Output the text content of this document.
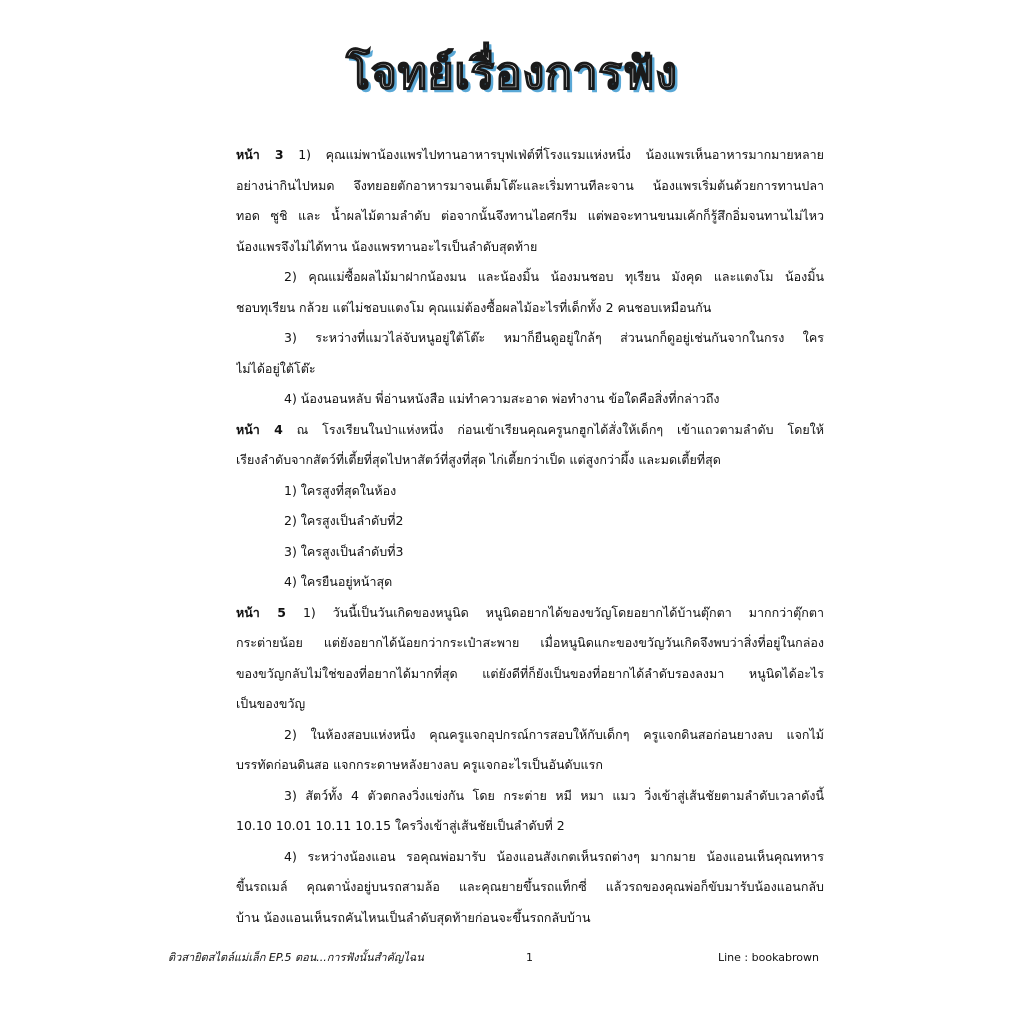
โจทย์เรื่องการฟัง
หน้า 3 1) คุณแม่พาน้องแพรไปทานอาหารบุฟเฟ่ต์ที่โรงแรมแห่งหนึ่ง น้องแพรเห็นอาหารมากมายหลาย
อย่างน่ากินไปหมด จึงทยอยตักอาหารมาจนเต็มโต๊ะและเริ่มทานทีละจาน น้องแพรเริ่มต้นด้วยการทานปลา
ทอด ซูชิ และ น้ำผลไม้ตามลำดับ ต่อจากนั้นจึงทานไอศกรีม แต่พอจะทานขนมเค้กก็รู้สึกอิ่มจนทานไม่ไหว
น้องแพรจึงไม่ได้ทาน น้องแพรทานอะไรเป็นลำดับสุดท้าย
2) คุณแม่ซื้อผลไม้มาฝากน้องมน และน้องมิ้น น้องมนชอบ ทุเรียน มังคุด และแตงโม น้องมิ้น
ชอบทุเรียน กล้วย แต่ไม่ชอบแตงโม คุณแม่ต้องซื้อผลไม้อะไรที่เด็กทั้ง 2 คนชอบเหมือนกัน
3) ระหว่างที่แมวไล่จับหนูอยู่ใต้โต๊ะ หมาก็ยืนดูอยู่ใกล้ๆ ส่วนนกก็ดูอยู่เช่นกันจากในกรง ใคร
ไม่ได้อยู่ใต้โต๊ะ
4) น้องนอนหลับ พี่อ่านหนังสือ แม่ทำความสะอาด พ่อทำงาน ข้อใดคือสิ่งที่กล่าวถึง
หน้า 4 ณ โรงเรียนในป่าแห่งหนึ่ง ก่อนเข้าเรียนคุณครูนกฮูกได้สั่งให้เด็กๆ เข้าแถวตามลำดับ โดยให้
เรียงลำดับจากสัตว์ที่เตี้ยที่สุดไปหาสัตว์ที่สูงที่สุด ไก่เตี้ยกว่าเป็ด แต่สูงกว่าผึ้ง และมดเตี้ยที่สุด
1) ใครสูงที่สุดในห้อง
2) ใครสูงเป็นลำดับที่2
3) ใครสูงเป็นลำดับที่3
4) ใครยืนอยู่หน้าสุด
หน้า 5 1) วันนี้เป็นวันเกิดของหนูนิด หนูนิดอยากได้ของขวัญโดยอยากได้บ้านตุ๊กตา มากกว่าตุ๊กตา
กระต่ายน้อย แต่ยังอยากได้น้อยกว่ากระเป๋าสะพาย เมื่อหนูนิดแกะของขวัญวันเกิดจึงพบว่าสิ่งที่อยู่ในกล่อง
ของขวัญกลับไม่ใช่ของที่อยากได้มากที่สุด แต่ยังดีที่ก็ยังเป็นของที่อยากได้ลำดับรองลงมา หนูนิดได้อะไร
เป็นของขวัญ
2) ในห้องสอบแห่งหนึ่ง คุณครูแจกอุปกรณ์การสอบให้กับเด็กๆ ครูแจกดินสอก่อนยางลบ แจกไม้
บรรทัดก่อนดินสอ แจกกระดาษหลังยางลบ ครูแจกอะไรเป็นอันดับแรก
3) สัตว์ทั้ง 4 ตัวตกลงวิ่งแข่งกัน โดย กระต่าย หมี หมา แมว วิ่งเข้าสู่เส้นชัยตามลำดับเวลาดังนี้
10.10 10.01 10.11 10.15 ใครวิ่งเข้าสู่เส้นชัยเป็นลำดับที่ 2
4) ระหว่างน้องแอน รอคุณพ่อมารับ น้องแอนสังเกตเห็นรถต่างๆ มากมาย น้องแอนเห็นคุณทหาร
ขี้นรถเมล์ คุณตานั่งอยู่บนรถสามล้อ และคุณยายขึ้นรถแท็กซี่ แล้วรถของคุณพ่อก็ขับมารับน้องแอนกลับ
บ้าน น้องแอนเห็นรถคันไหนเป็นลำดับสุดท้ายก่อนจะขึ้นรถกลับบ้าน
ติวสายิตสไตล์แม่เล็ก EP.5 ตอน...การฟังนั้นสำคัญไฉน	1	Line : bookabrown
